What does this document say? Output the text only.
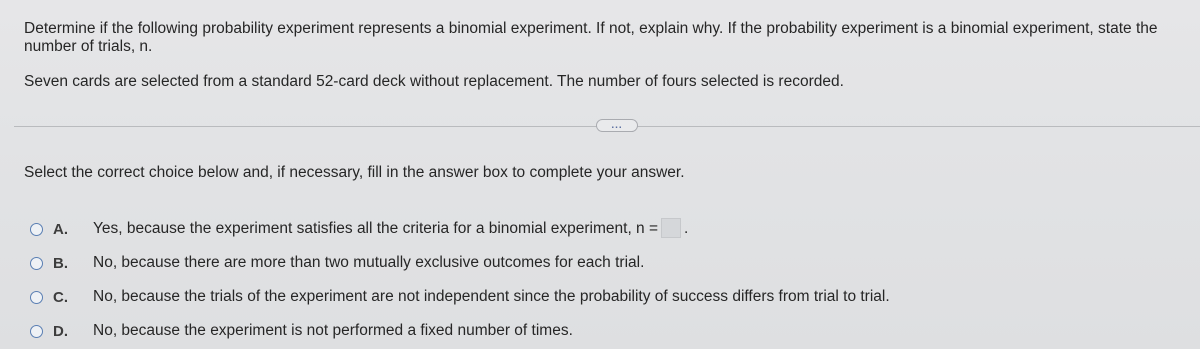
Determine if the following probability experiment represents a binomial experiment. If not, explain why. If the probability experiment is a binomial experiment, state the number of trials, n.
Seven cards are selected from a standard 52-card deck without replacement. The number of fours selected is recorded.
...
Select the correct choice below and, if necessary, fill in the answer box to complete your answer.
A.	Yes, because the experiment satisfies all the criteria for a binomial experiment, n = .
B.	No, because there are more than two mutually exclusive outcomes for each trial.
C.	No, because the trials of the experiment are not independent since the probability of success differs from trial to trial.
D.	No, because the experiment is not performed a fixed number of times.
